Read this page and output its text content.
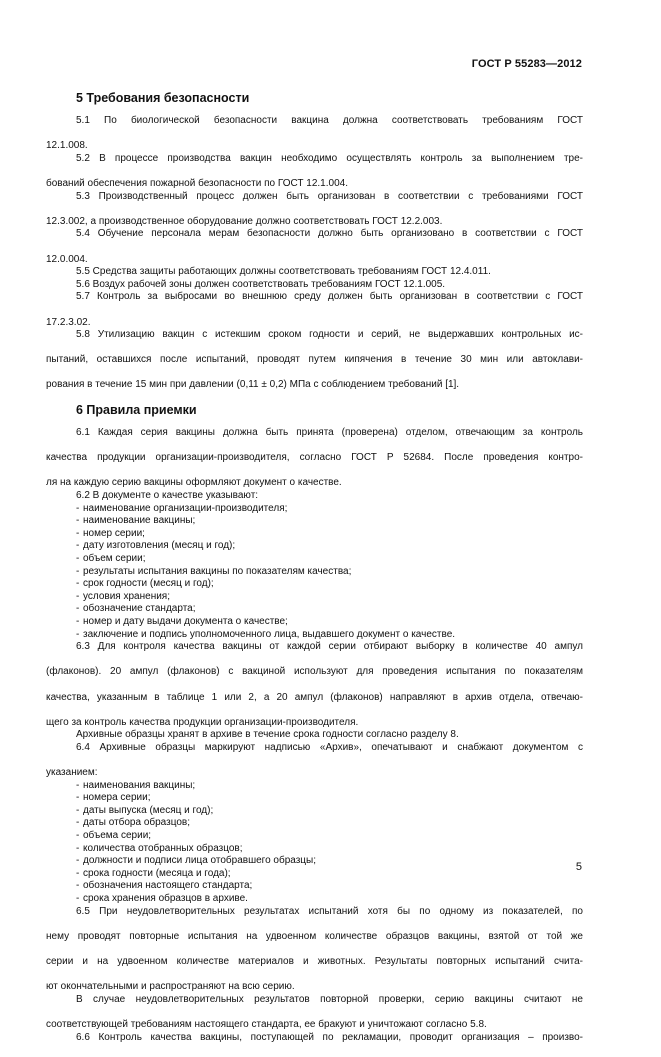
ГОСТ Р 55283—2012
5 Требования безопасности

5.1 По биологической безопасности вакцина должна соответствовать требованиям ГОСТ

12.1.008.

5.2 В процессе производства вакцин необходимо осуществлять контроль за выполнением тре-

бований обеспечения пожарной безопасности по ГОСТ 12.1.004.

5.3 Производственный процесс должен быть организован в соответствии с требованиями ГОСТ

12.3.002, а производственное оборудование должно соответствовать ГОСТ 12.2.003.

5.4 Обучение персонала мерам безопасности должно быть организовано в соответствии с ГОСТ

12.0.004.

5.5 Средства защиты работающих должны соответствовать требованиям ГОСТ 12.4.011.

5.6 Воздух рабочей зоны должен соответствовать требованиям ГОСТ 12.1.005.

5.7 Контроль за выбросами во внешнюю среду должен быть организован в соответствии с ГОСТ

17.2.3.02.

5.8 Утилизацию вакцин с истекшим сроком годности и серий, не выдержавших контрольных ис-

пытаний, оставшихся после испытаний, проводят путем кипячения в течение 30 мин или автоклави-

рования в течение 15 мин при давлении (0,11 ± 0,2) МПа с соблюдением требований [1].

6 Правила приемки

6.1 Каждая серия вакцины должна быть принята (проверена) отделом, отвечающим за контроль

качества продукции организации-производителя, согласно ГОСТ Р 52684. После проведения контро-

ля на каждую серию вакцины оформляют документ о качестве.

6.2 В документе о качестве указывают:

- наименование организации-производителя;

- наименование вакцины;

- номер серии;

- дату изготовления (месяц и год);

- объем серии;

- результаты испытания вакцины по показателям качества;

- срок годности (месяц и год);

- условия хранения;

- обозначение стандарта;

- номер и дату выдачи документа о качестве;

- заключение и подпись уполномоченного лица, выдавшего документ о качестве.

6.3 Для контроля качества вакцины от каждой серии отбирают выборку в количестве 40 ампул

(флаконов). 20 ампул (флаконов) с вакциной используют для проведения испытания по показателям

качества, указанным в таблице 1 или 2, а 20 ампул (флаконов) направляют в архив отдела, отвечаю-

щего за контроль качества продукции организации-производителя.

Архивные образцы хранят в архиве в течение срока годности согласно разделу 8.

6.4 Архивные образцы маркируют надписью «Архив», опечатывают и снабжают документом с

указанием:

- наименования вакцины;

- номера серии;

- даты выпуска (месяц и год);

- даты отбора образцов;

- объема серии;

- количества отобранных образцов;

- должности и подписи лица отобравшего образцы;

- срока годности (месяца и года);

- обозначения настоящего стандарта;

- срока хранения образцов в архиве.

6.5 При неудовлетворительных результатах испытаний хотя бы по одному из показателей, по

нему проводят повторные испытания на удвоенном количестве образцов вакцины, взятой от той же

серии и на удвоенном количестве материалов и животных. Результаты повторных испытаний счита-

ют окончательными и распространяют на всю серию.

В случае неудовлетворительных результатов повторной проверки, серию вакцины считают не

соответствующей требованиям настоящего стандарта, ее бракуют и уничтожают согласно 5.8.

6.6 Контроль качества вакцины, поступающей по рекламации, проводит организация – произво-

5
